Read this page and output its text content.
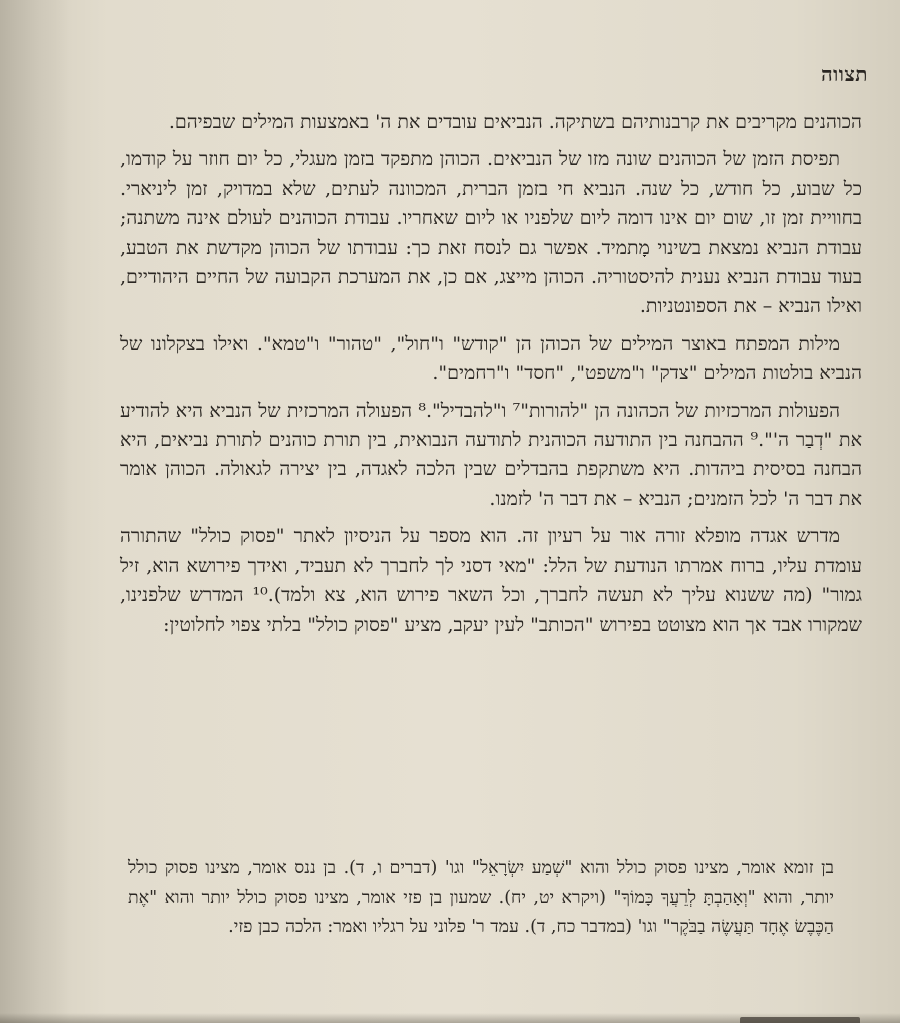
תצווה

הכוהנים מקריבים את קרבנותיהם בשתיקה. הנביאים עובדים את ה' באמצעות המילים שבפיהם.

תפיסת הזמן של הכוהנים שונה מזו של הנביאים. הכוהן מתפקד בזמן מעגלי, כל יום חוזר על קודמו, כל שבוע, כל חודש, כל שנה. הנביא חי בזמן הברית, המכוונה לעתים, שלא במדויק, זמן ליניארי. בחוויית זמן זו, שום יום אינו דומה ליום שלפניו או ליום שאחריו. עבודת הכוהנים לעולם אינה משתנה; עבודת הנביא נמצאת בשינוי מָתמיד. אפשר גם לנסח זאת כך: עבודתו של הכוהן מקדשת את הטבע, בעוד עבודת הנביא נענית להיסטוריה. הכוהן מייצג, אם כן, את המערכת הקבועה של החיים היהודיים, ואילו הנביא – את הספונטניות.

מילות המפתח באוצר המילים של הכוהן הן "קודש" ו"חול", "טהור" ו"טמא". ואילו בצקלונו של הנביא בולטות המילים "צדק" ו"משפט", "חסד" ו"רחמים".

הפעולות המרכזיות של הכהונה הן "להורות"⁷ ו"להבדיל".⁸ הפעולה המרכזית של הנביא היא להודיע את "דְבַר ה'".⁹ ההבחנה בין התודעה הכוהנית לתודעה הנבואית, בין תורת כוהנים לתורת נביאים, היא הבחנה בסיסית ביהדות. היא משתקפת בהבדלים שבין הלכה לאגדה, בין יצירה לגאולה. הכוהן אומר את דבר ה' לכל הזמנים; הנביא – את דבר ה' לזמנו.

מדרש אגדה מופלא זורה אור על רעיון זה. הוא מספר על הניסיון לאתר "פסוק כולל" שהתורה עומדת עליו, ברוח אמרתו הנודעת של הלל: "מאי דסני לך לחברך לא תעביד, ואידך פירושא הוא, זיל גמור" (מה ששנוא עליך לא תעשה לחברך, וכל השאר פירוש הוא, צא ולמד).¹⁰ המדרש שלפנינו, שמקורו אבד אך הוא מצוטט בפירוש "הכותב" לעין יעקב, מציע "פסוק כולל" בלתי צפוי לחלוטין:

בן זומא אומר, מצינו פסוק כולל והוא "שְׁמַע יִשְׂרָאֵל" וגו' (דברים ו, ד). בן ננס אומר, מצינו פסוק כולל יותר, והוא "וְאָהַבְתָּ לְרֵעֲךָ כָּמוֹךָ" (ויקרא יט, יח). שמעון בן פזי אומר, מצינו פסוק כולל יותר והוא "אֶת הַכֶּבֶשׂ אֶחָד תַּעֲשֶׂה בַבֹּקֶר" וגו' (במדבר כח, ד). עמד ר' פלוני על רגליו ואמר: הלכה כבן פזי.
